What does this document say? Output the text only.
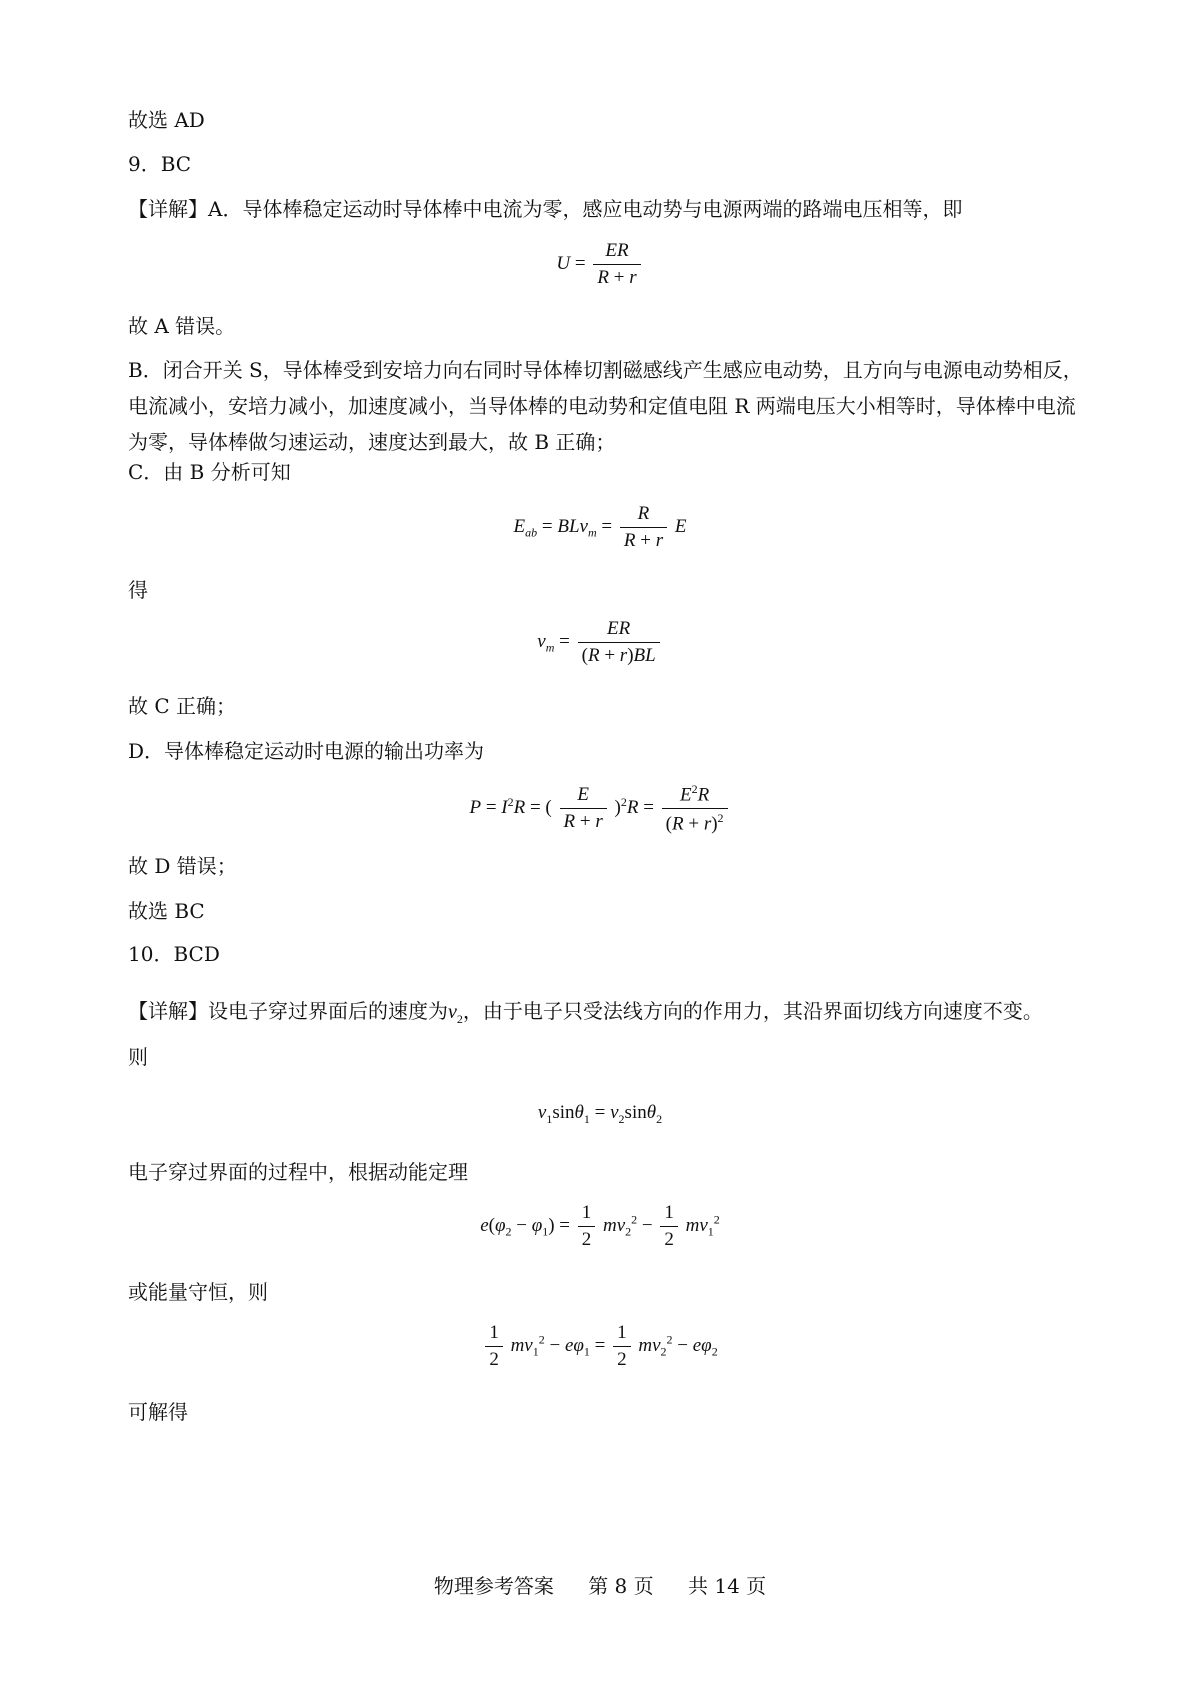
故选 AD
9．BC
【详解】A．导体棒稳定运动时导体棒中电流为零，感应电动势与电源两端的路端电压相等，即
$U = \frac{ER}{R + r}$
故 A 错误。
B．闭合开关 S，导体棒受到安培力向右同时导体棒切割磁感线产生感应电动势，且方向与电源电动势相反，电流减小，安培力减小，加速度减小，当导体棒的电动势和定值电阻 R 两端电压大小相等时，导体棒中电流为零，导体棒做匀速运动，速度达到最大，故 B 正确；
C．由 B 分析可知
$E_{ab} = BLv_m = \frac{R}{R + r}$ E
得
$v_m = \frac{ER}{(R + r)BL}$
故 C 正确；
D．导体棒稳定运动时电源的输出功率为
$P = I^2R$ = ( $\frac{E}{R + r} )^2R = \frac{E^2R}{(R + r)^2}$
故 D 错误；
故选 BC
10．BCD
【详解】设电子穿过界面后的速度为$v_2$，由于电子只受法线方向的作用力，其沿界面切线方向速度不变。
则
$v_1\sin\theta_1 = v_2\sin\theta_2$
电子穿过界面的过程中，根据动能定理
$e(\varphi_2 - \varphi_1) = \frac{1}{2} mv_2^2 - \frac{1}{2} mv_1^2$
或能量守恒，则
$\frac{1}{2} mv_1^2 - e\varphi_1 = \frac{1}{2} mv_2^2 - e\varphi_2$
可解得
物理参考答案 第 8 页 共 14 页
